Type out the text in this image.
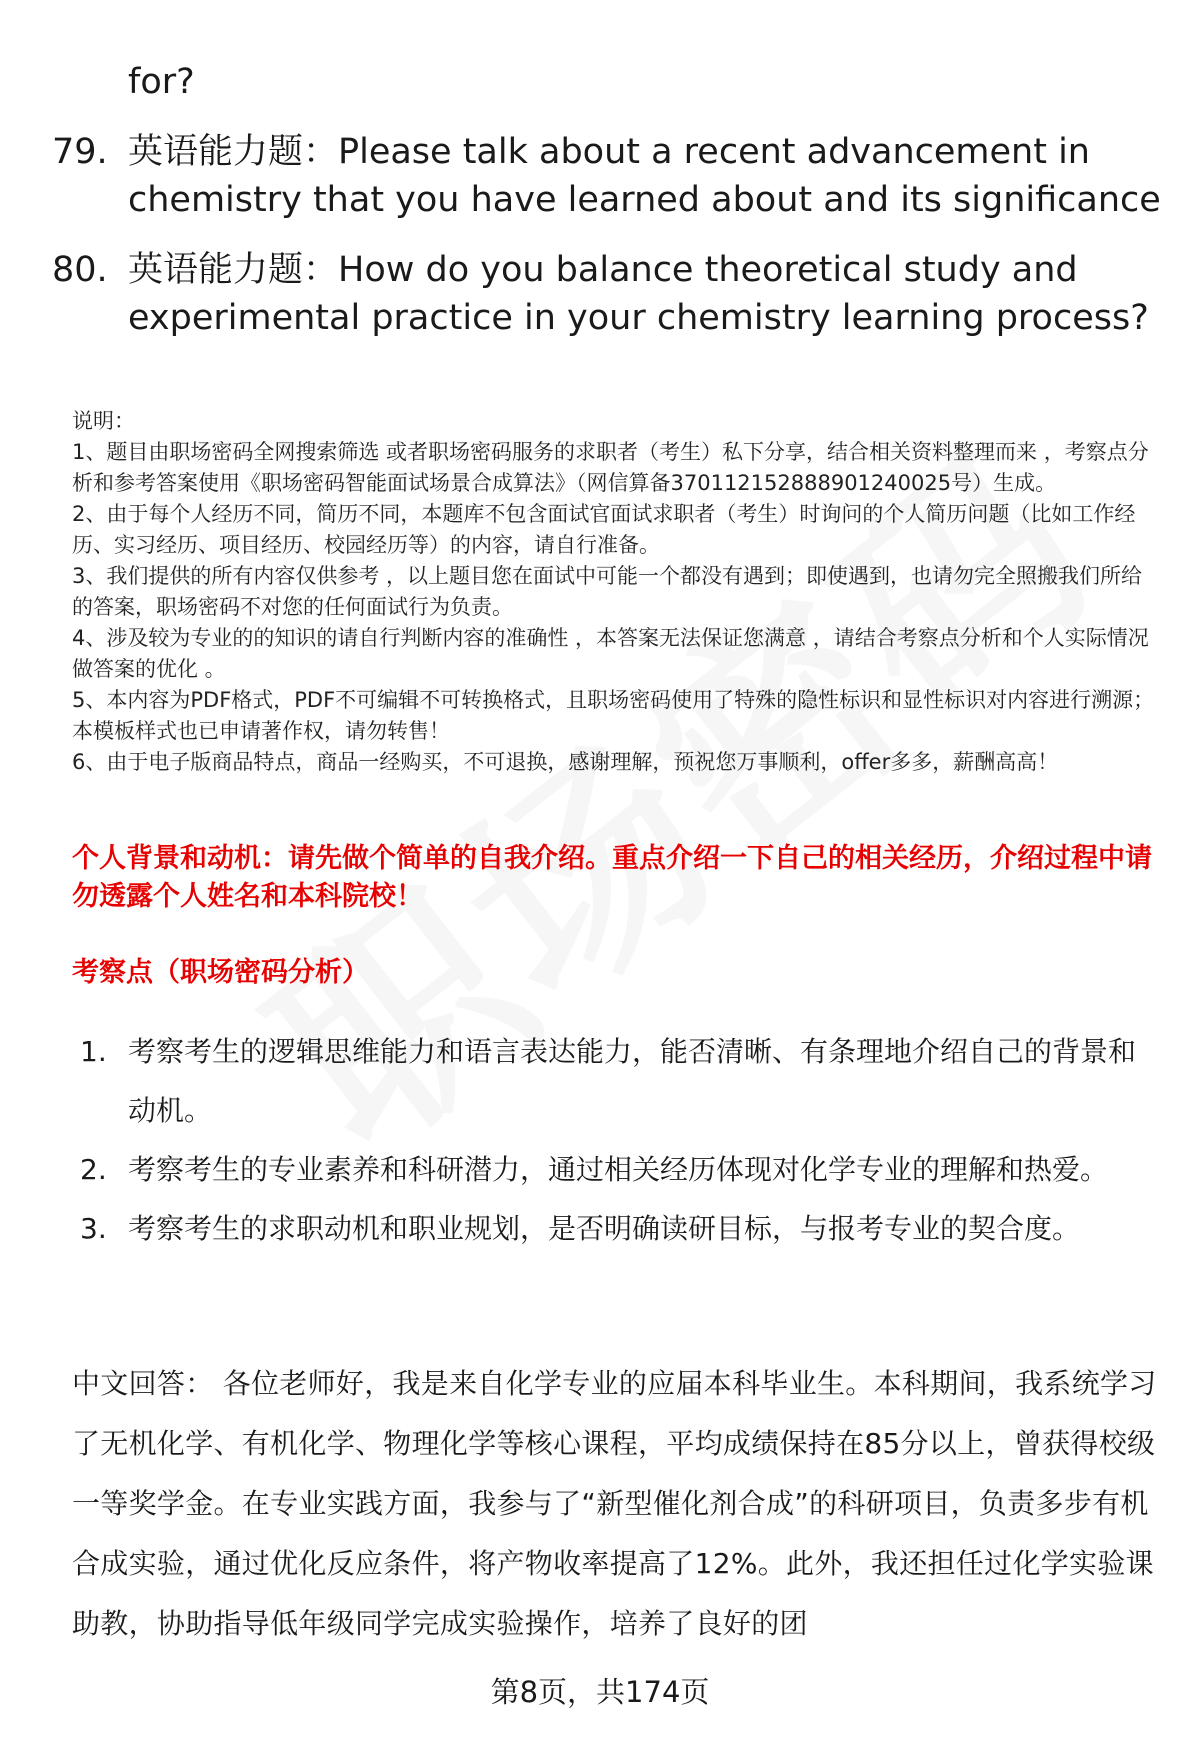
for?
79. 英语能力题：Please talk about a recent advancement in chemistry that you have learned about and its significance
80. 英语能力题：How do you balance theoretical study and experimental practice in your chemistry learning process?
说明：
1、题目由职场密码全网搜索筛选 或者职场密码服务的求职者（考生）私下分享，结合相关资料整理而来 ，考察点分析和参考答案使用《职场密码智能面试场景合成算法》（网信算备370112152888901240025号）生成。
2、由于每个人经历不同，简历不同，本题库不包含面试官面试求职者（考生）时询问的个人简历问题（比如工作经历、实习经历、项目经历、校园经历等）的内容，请自行准备。
3、我们提供的所有内容仅供参考 ，以上题目您在面试中可能一个都没有遇到；即使遇到，也请勿完全照搬我们所给的答案，职场密码不对您的任何面试行为负责。
4、涉及较为专业的的知识的请自行判断内容的准确性 ，本答案无法保证您满意 ，请结合考察点分析和个人实际情况做答案的优化 。
5、本内容为PDF格式，PDF不可编辑不可转换格式，且职场密码使用了特殊的隐性标识和显性标识对内容进行溯源；本模板样式也已申请著作权，请勿转售！
6、由于电子版商品特点，商品一经购买，不可退换，感谢理解，预祝您万事顺利，offer多多，薪酬高高！
个人背景和动机：请先做个简单的自我介绍。重点介绍一下自己的相关经历，介绍过程中请勿透露个人姓名和本科院校！
考察点（职场密码分析）
1. 考察考生的逻辑思维能力和语言表达能力，能否清晰、有条理地介绍自己的背景和动机。
2. 考察考生的专业素养和科研潜力，通过相关经历体现对化学专业的理解和热爱。
3. 考察考生的求职动机和职业规划，是否明确读研目标，与报考专业的契合度。
中文回答： 各位老师好，我是来自化学专业的应届本科毕业生。本科期间，我系统学习了无机化学、有机化学、物理化学等核心课程，平均成绩保持在85分以上，曾获得校级一等奖学金。在专业实践方面，我参与了“新型催化剂合成”的科研项目，负责多步有机合成实验，通过优化反应条件，将产物收率提高了12%。此外，我还担任过化学实验课助教，协助指导低年级同学完成实验操作，培养了良好的团
第8页，共174页
